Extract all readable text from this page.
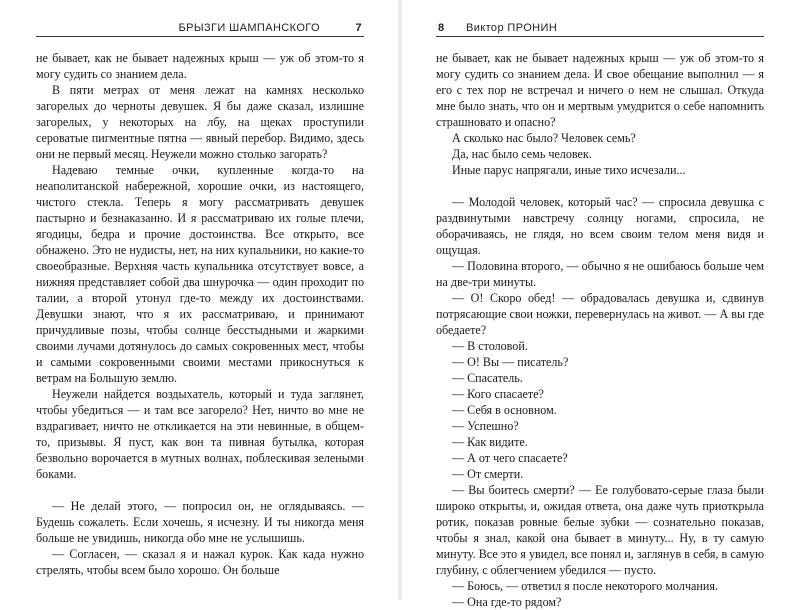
БРЫЗГИ ШАМПАНСКОГО	7

не бывает, как не бывает надежных крыш — уж об этом-то я могу судить со знанием дела.

В пяти метрах от меня лежат на камнях несколько загорелых до черноты девушек. Я бы даже сказал, излишне загорелых, у некоторых на лбу, на щеках проступили сероватые пигментные пятна — явный перебор. Видимо, здесь они не первый месяц. Неужели можно столько загорать?

Надеваю темные очки, купленные когда-то на неаполитанской набережной, хорошие очки, из настоящего, чистого стекла. Теперь я могу рассматривать девушек пастырно и безнаказанно. И я рассматриваю их голые плечи, ягодицы, бедра и прочие достоинства. Все открыто, все обнажено. Это не нудисты, нет, на них купальники, но какие-то своеобразные. Верхняя часть купальника отсутствует вовсе, а нижняя представляет собой два шнурочка — один проходит по талии, а второй утонул где-то между их достоинствами. Девушки знают, что я их рассматриваю, и принимают причудливые позы, чтобы солнце бесстыдными и жаркими своими лучами дотянулось до самых сокровенных мест, чтобы и самыми сокровенными своими местами прикоснуться к ветрам на Большую землю.

Неужели найдется воздыхатель, который и туда заглянет, чтобы убедиться — и там все загорело? Нет, ничто во мне не вздрагивает, ничто не откликается на эти невинные, в общем-то, призывы. Я пуст, как вон та пивная бутылка, которая безвольно ворочается в мутных волнах, поблескивая зелеными боками.

— Не делай этого, — попросил он, не оглядываясь. — Будешь сожалеть. Если хочешь, я исчезну. И ты никогда меня больше не увидишь, никогда обо мне не услышишь.

— Согласен, — сказал я и нажал курок. Как када нужно стрелять, чтобы всем было хорошо. Он больше

8 Виктор ПРОНИН

не бывает, как не бывает надежных крыш — уж об этом-то я могу судить со знанием дела. И свое обещание выполнил — я его с тех пор не встречал и ничего о нем не слышал. Откуда мне было знать, что он и мертвым умудрится о себе напомнить страшновато и опасно?

А сколько нас было? Человек семь?

Да, нас было семь человек.

Иные парус напрягали, иные тихо исчезали...

— Молодой человек, который час? — спросила девушка с раздвинутыми навстречу солнцу ногами, спросила, не оборачиваясь, не глядя, но всем своим телом меня видя и ощущая.

— Половина второго, — обычно я не ошибаюсь больше чем на две-три минуты.

— О! Скоро обед! — обрадовалась девушка и, сдвинув потрясающие свои ножки, перевернулась на живот. — А вы где обедаете?

— В столовой.

— О! Вы — писатель?

— Спасатель.

— Кого спасаете?

— Себя в основном.

— Успешно?

— Как видите.

— А от чего спасаете?

— От смерти.

— Вы боитесь смерти? — Ее голубовато-серые глаза были широко открыты, и, ожидая ответа, она даже чуть приоткрыла ротик, показав ровные белые зубки — сознательно показав, чтобы я знал, какой она бывает в минуту... Ну, в ту самую минуту. Все это я увидел, все понял и, заглянув в себя, в самую глубину, с облегчением убедился — пусто.

— Боюсь, — ответил я после некоторого молчания.

— Она где-то рядом?
